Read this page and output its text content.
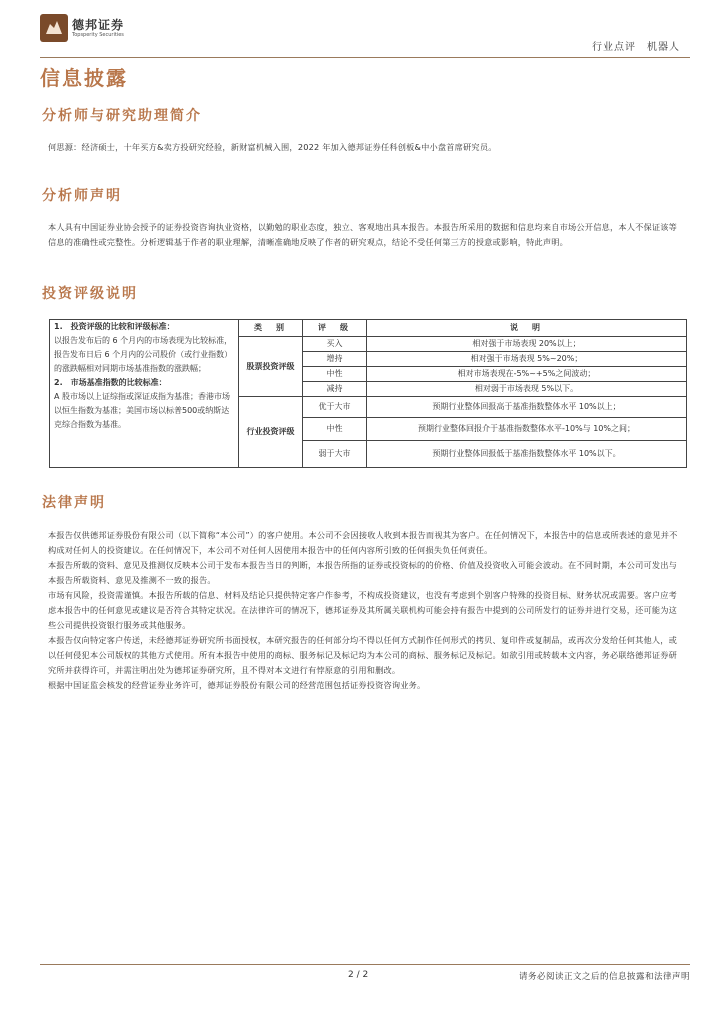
德邦证券
Topsperity Securities
行业点评　机器人
信息披露
分析师与研究助理简介
何思源：经济硕士，十年买方&卖方投研究经验，新财富机械入围，2022 年加入德邦证券任科创板&中小盘首席研究员。
分析师声明
本人具有中国证券业协会授予的证券投资咨询执业资格，以勤勉的职业态度，独立、客观地出具本报告。本报告所采用的数据和信息均来自市场公开信息，本人不保证该等信息的准确性或完整性。分析逻辑基于作者的职业理解，清晰准确地反映了作者的研究观点，结论不受任何第三方的授意或影响，特此声明。
投资评级说明
1.　投资评级的比较和评级标准：
以报告发布后的 6 个月内的市场表现为比较标准，报告发布日后 6 个月内的公司股价（或行业指数）的涨跌幅相对同期市场基准指数的涨跌幅；
2.　市场基准指数的比较标准：
A 股市场以上证综指或深证成指为基准；香港市场以恒生指数为基准；美国市场以标普500或纳斯达克综合指数为基准。	类　别	评　级	说　明
	股票投资评级	买入	相对强于市场表现 20%以上；
		增持	相对强于市场表现 5%~20%；
		中性	相对市场表现在-5%~+5%之间波动；
		减持	相对弱于市场表现 5%以下。
	行业投资评级	优于大市	预期行业整体回报高于基准指数整体水平 10%以上；
		中性	预期行业整体回报介于基准指数整体水平-10%与 10%之间；
		弱于大市	预期行业整体回报低于基准指数整体水平 10%以下。
法律声明
本报告仅供德邦证券股份有限公司（以下简称“本公司”）的客户使用。本公司不会因接收人收到本报告而视其为客户。在任何情况下，本报告中的信息或所表述的意见并不构成对任何人的投资建议。在任何情况下，本公司不对任何人因使用本报告中的任何内容所引致的任何损失负任何责任。
本报告所载的资料、意见及推测仅反映本公司于发布本报告当日的判断，本报告所指的证券或投资标的的价格、价值及投资收入可能会波动。在不同时期，本公司可发出与本报告所载资料、意见及推测不一致的报告。
市场有风险，投资需谨慎。本报告所载的信息、材料及结论只提供特定客户作参考，不构成投资建议，也没有考虑到个别客户特殊的投资目标、财务状况或需要。客户应考虑本报告中的任何意见或建议是否符合其特定状况。在法律许可的情况下，德邦证券及其所属关联机构可能会持有报告中提到的公司所发行的证券并进行交易，还可能为这些公司提供投资银行服务或其他服务。
本报告仅向特定客户传送，未经德邦证券研究所书面授权，本研究报告的任何部分均不得以任何方式制作任何形式的拷贝、复印件或复制品，或再次分发给任何其他人，或以任何侵犯本公司版权的其他方式使用。所有本报告中使用的商标、服务标记及标记均为本公司的商标、服务标记及标记。如欲引用或转载本文内容，务必联络德邦证券研究所并获得许可，并需注明出处为德邦证券研究所，且不得对本文进行有悖原意的引用和删改。
根据中国证监会核发的经营证券业务许可，德邦证券股份有限公司的经营范围包括证券投资咨询业务。
2 / 2	请务必阅读正文之后的信息披露和法律声明
